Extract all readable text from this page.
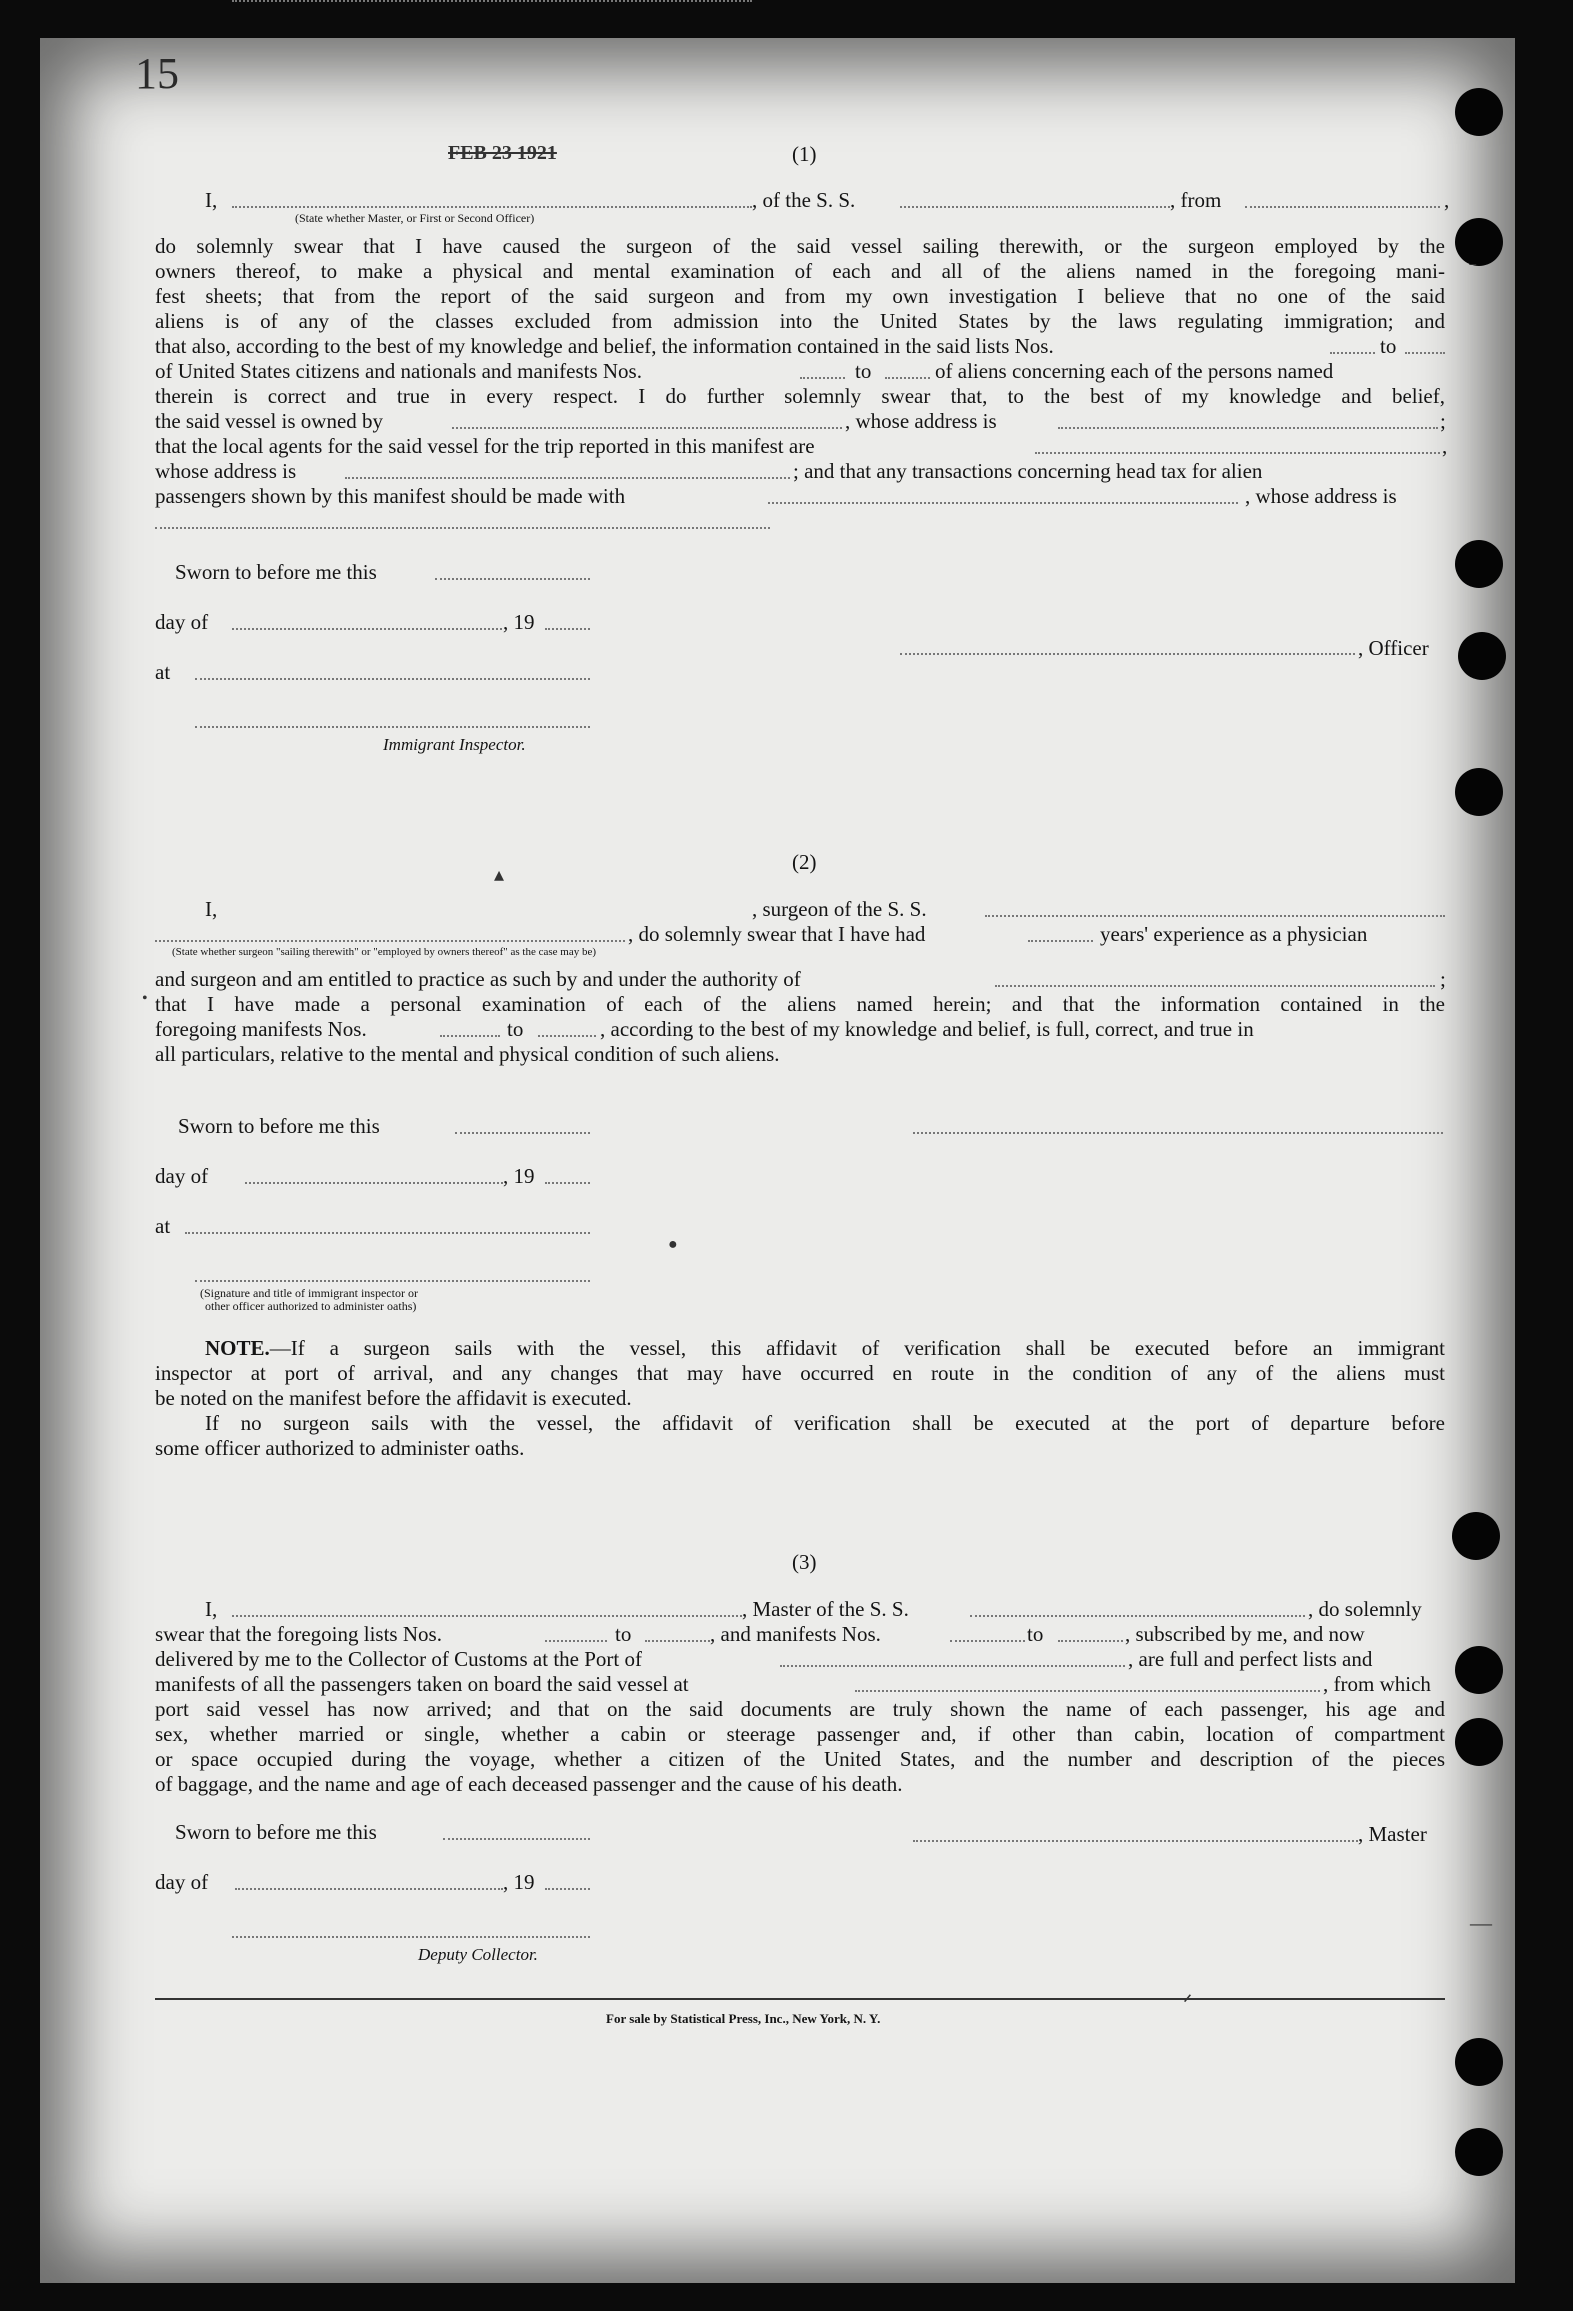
15
FEB 23 1921	(1)
I,	, of the S. S.	, from	,
(State whether Master, or First or Second Officer)
do solemnly swear that I have caused the surgeon of the said vessel sailing therewith, or the surgeon employed by the
owners thereof, to make a physical and mental examination of each and all of the aliens named in the foregoing mani-
fest sheets; that from the report of the said surgeon and from my own investigation I believe that no one of the said
aliens is of any of the classes excluded from admission into the United States by the laws regulating immigration; and
that also, according to the best of my knowledge and belief, the information contained in the said lists Nos.	to
of United States citizens and nationals and manifests Nos.	to	of aliens concerning each of the persons named
therein is correct and true in every respect. I do further solemnly swear that, to the best of my knowledge and belief,
the said vessel is owned by	, whose address is	;
that the local agents for the said vessel for the trip reported in this manifest are	,
whose address is	; and that any transactions concerning head tax for alien
passengers shown by this manifest should be made with	, whose address is
Sworn to before me this
day of	, 19
, Officer
at
Immigrant Inspector.
(2)
I,	, surgeon of the S. S.
, do solemnly swear that I have had	years' experience as a physician
(State whether surgeon "sailing therewith" or "employed by owners thereof" as the case may be)
and surgeon and am entitled to practice as such by and under the authority of	;
that I have made a personal examination of each of the aliens named herein; and that the information contained in the
foregoing manifests Nos.	to	, according to the best of my knowledge and belief, is full, correct, and true in
all particulars, relative to the mental and physical condition of such aliens.
Sworn to before me this
day of	, 19
at
(Signature and title of immigrant inspector or
other officer authorized to administer oaths)
NOTE.—If a surgeon sails with the vessel, this affidavit of verification shall be executed before an immigrant
inspector at port of arrival, and any changes that may have occurred en route in the condition of any of the aliens must
be noted on the manifest before the affidavit is executed.
If no surgeon sails with the vessel, the affidavit of verification shall be executed at the port of departure before
some officer authorized to administer oaths.
(3)
I,	, Master of the S. S.	, do solemnly
swear that the foregoing lists Nos.	to	, and manifests Nos.	to	, subscribed by me, and now
delivered by me to the Collector of Customs at the Port of	, are full and perfect lists and
manifests of all the passengers taken on board the said vessel at	, from which
port said vessel has now arrived; and that on the said documents are truly shown the name of each passenger, his age and
sex, whether married or single, whether a cabin or steerage passenger and, if other than cabin, location of compartment
or space occupied during the voyage, whether a citizen of the United States, and the number and description of the pieces
of baggage, and the name and age of each deceased passenger and the cause of his death.
Sworn to before me this	, Master
day of	, 19
Deputy Collector.
For sale by Statistical Press, Inc., New York, N. Y.
▴
●
•
ᐟ
—
⁻
